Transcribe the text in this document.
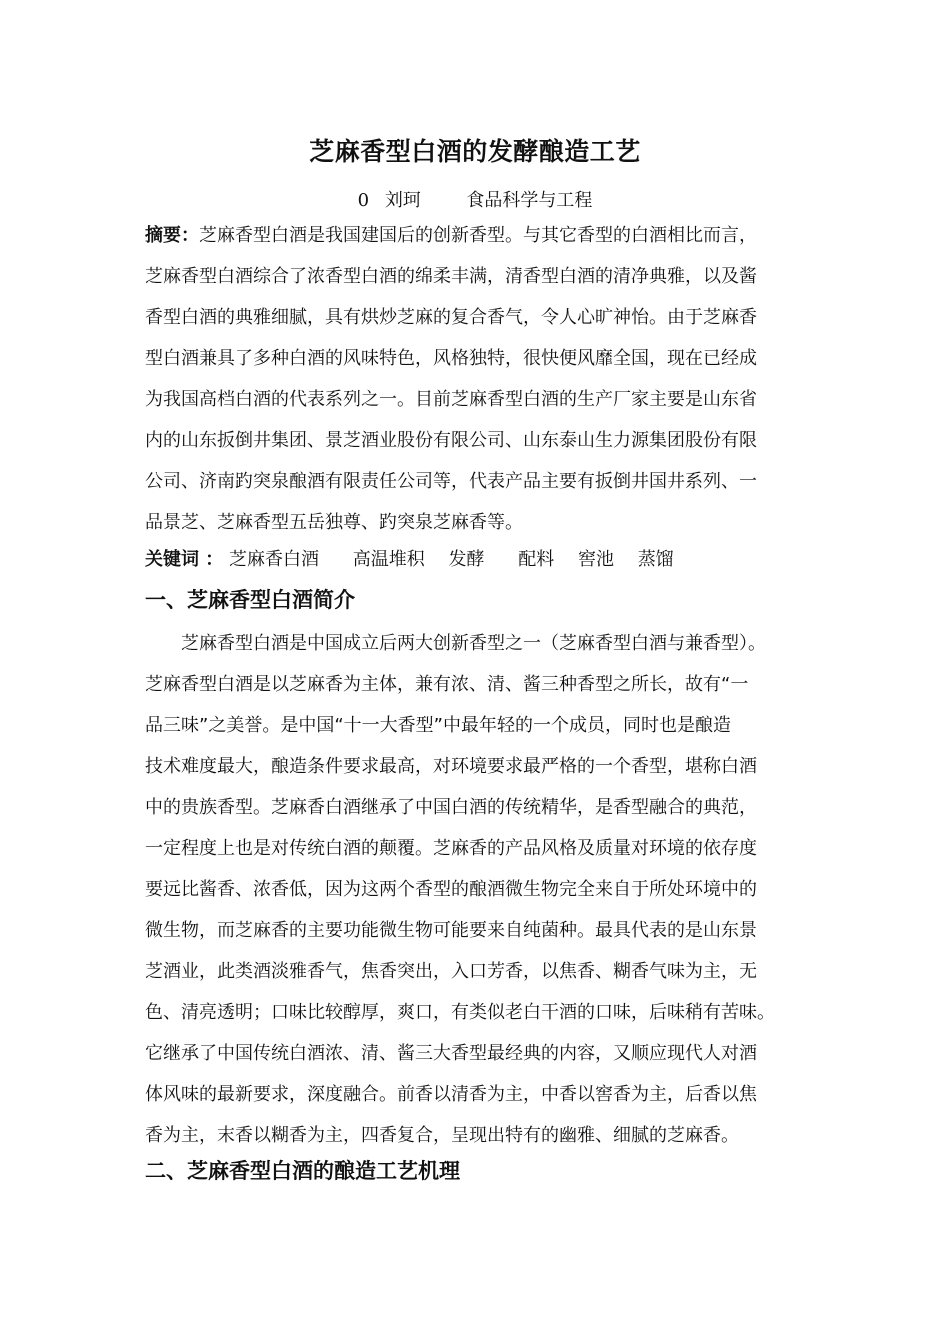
芝麻香型白酒的发酵酿造工艺
0 刘珂	食品科学与工程
摘要：芝麻香型白酒是我国建国后的创新香型。与其它香型的白酒相比而言，
芝麻香型白酒综合了浓香型白酒的绵柔丰满，清香型白酒的清净典雅，以及酱
香型白酒的典雅细腻，具有烘炒芝麻的复合香气，令人心旷神怡。由于芝麻香
型白酒兼具了多种白酒的风味特色，风格独特，很快便风靡全国，现在已经成
为我国高档白酒的代表系列之一。目前芝麻香型白酒的生产厂家主要是山东省
内的山东扳倒井集团、景芝酒业股份有限公司、山东泰山生力源集团股份有限
公司、济南趵突泉酿酒有限责任公司等，代表产品主要有扳倒井国井系列、一
品景芝、芝麻香型五岳独尊、趵突泉芝麻香等。
关键词 ： 芝麻香白酒 高温堆积 发酵 配料 窖池 蒸馏
一、芝麻香型白酒简介
芝麻香型白酒是中国成立后两大创新香型之一（芝麻香型白酒与兼香型）。
芝麻香型白酒是以芝麻香为主体，兼有浓、清、酱三种香型之所长，故有“一
品三味”之美誉。是中国“十一大香型”中最年轻的一个成员，同时也是酿造
技术难度最大，酿造条件要求最高，对环境要求最严格的一个香型，堪称白酒
中的贵族香型。芝麻香白酒继承了中国白酒的传统精华，是香型融合的典范，
一定程度上也是对传统白酒的颠覆。芝麻香的产品风格及质量对环境的依存度
要远比酱香、浓香低，因为这两个香型的酿酒微生物完全来自于所处环境中的
微生物，而芝麻香的主要功能微生物可能要来自纯菌种。最具代表的是山东景
芝酒业，此类酒淡雅香气，焦香突出，入口芳香，以焦香、糊香气味为主，无
色、清亮透明；口味比较醇厚，爽口，有类似老白干酒的口味，后味稍有苦味。
它继承了中国传统白酒浓、清、酱三大香型最经典的内容，又顺应现代人对酒
体风味的最新要求，深度融合。前香以清香为主，中香以窖香为主，后香以焦
香为主，末香以糊香为主，四香复合，呈现出特有的幽雅、细腻的芝麻香。
二、芝麻香型白酒的酿造工艺机理
